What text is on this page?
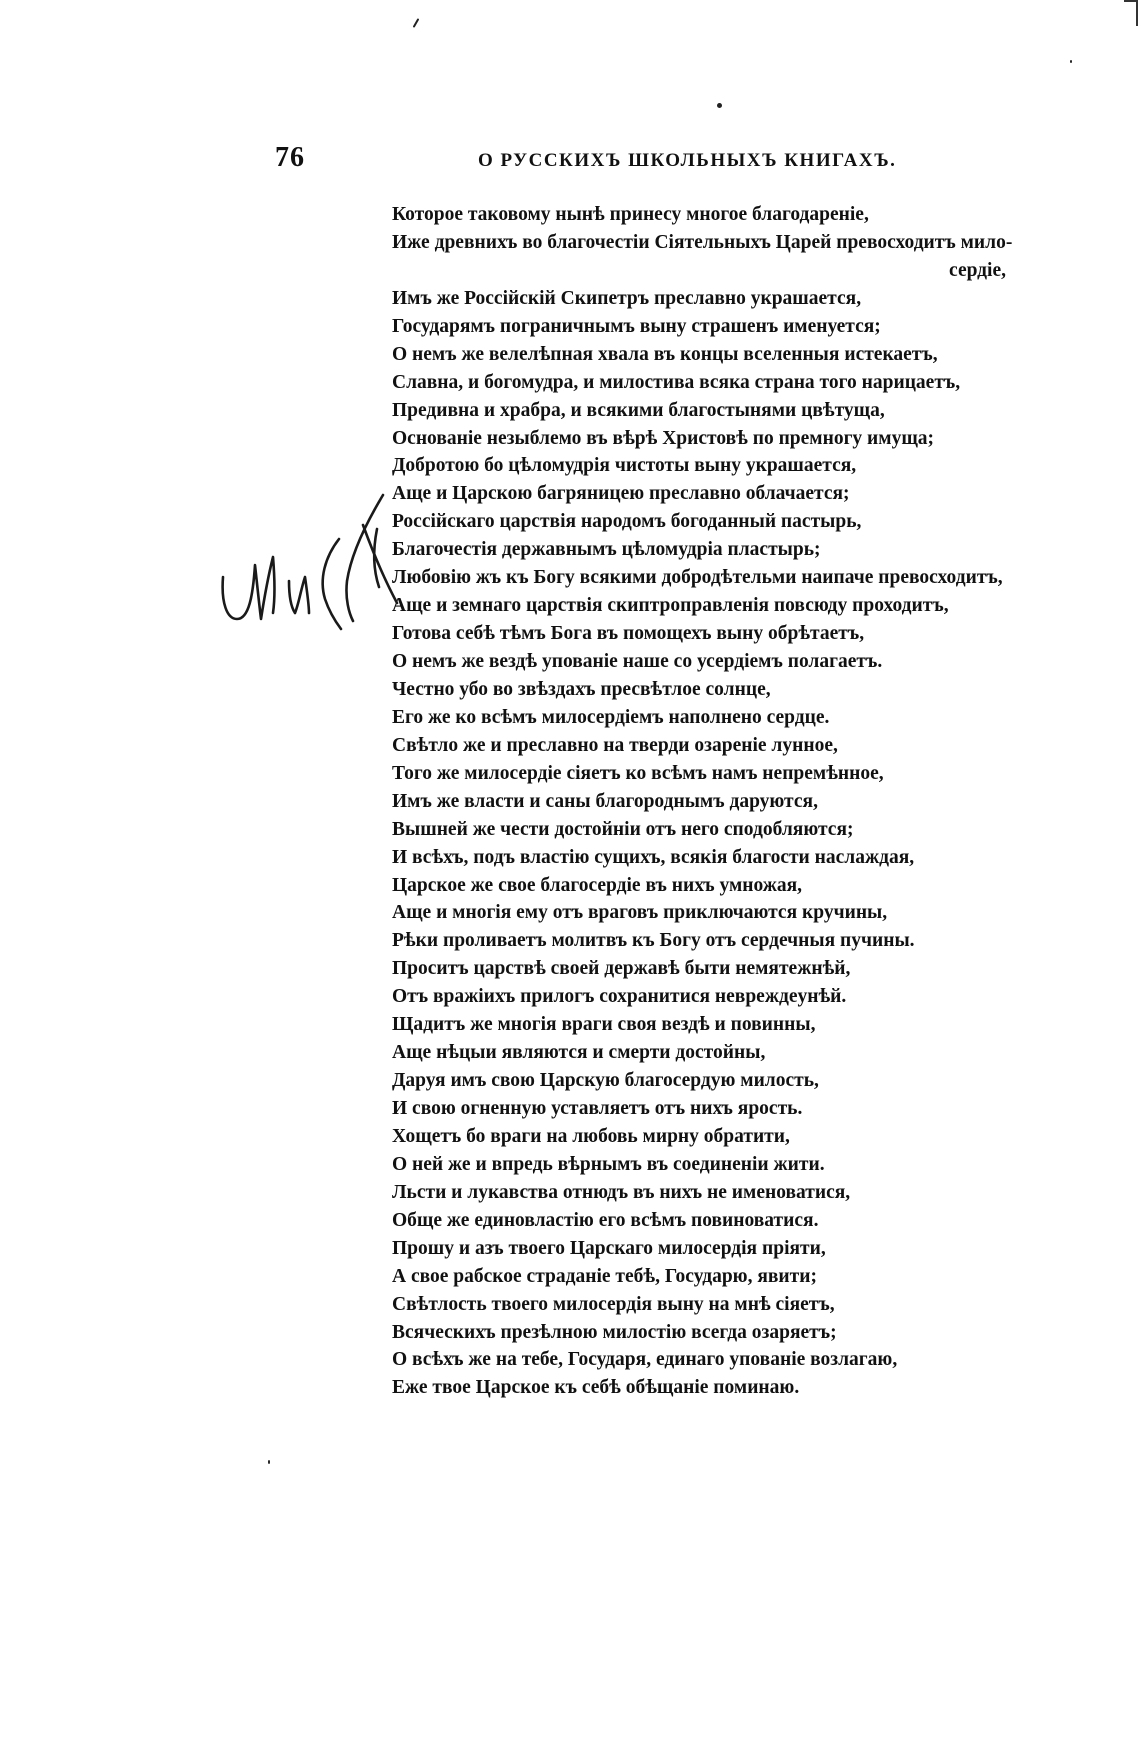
76	О РУССКИХЪ ШКОЛЬНЫХЪ КНИГАХЪ.
Которое таковому нынѣ принесу многое благодареніе,
Иже древнихъ во благочестіи Сіятельныхъ Царей превосходитъ мило-
сердіе,
Имъ же Россійскій Скипетръ преславно украшается,
Государямъ пограничнымъ выну страшенъ именуется;
О немъ же велелѣпная хвала въ концы вселенныя истекаетъ,
Славна, и богомудра, и милостива всяка страна того нарицаетъ,
Предивна и храбра, и всякими благостынями цвѣтуща,
Основаніе незыблемо въ вѣрѣ Христовѣ по премногу имуща;
Добротою бо цѣломудрія чистоты выну украшается,
Аще и Царскою багряницею преславно облачается;
Россійскаго царствія народомъ богоданный пастырь,
Благочестія державнымъ цѣломудріа пластырь;
Любовію жъ къ Богу всякими добродѣтельми наипаче превосходитъ,
Аще и земнаго царствія скиптроправленія повсюду проходитъ,
Готова себѣ тѣмъ Бога въ помощехъ выну обрѣтаетъ,
О немъ же вездѣ упованіе наше со усердіемъ полагаетъ.
Честно убо во звѣздахъ пресвѣтлое солнце,
Его же ко всѣмъ милосердіемъ наполнено сердце.
Свѣтло же и преславно на тверди озареніе лунное,
Того же милосердіе сіяетъ ко всѣмъ намъ непремѣнное,
Имъ же власти и саны благороднымъ даруются,
Вышней же чести достойніи отъ него сподобляются;
И всѣхъ, подъ властію сущихъ, всякія благости наслаждая,
Царское же свое благосердіе въ нихъ умножая,
Аще и многія ему отъ враговъ приключаются кручины,
Рѣки проливаетъ молитвъ къ Богу отъ сердечныя пучины.
Проситъ царствѣ своей державѣ быти немятежнѣй,
Отъ вражіихъ прилогъ сохранитися невреждеyнѣй.
Щадитъ же многія враги своя вездѣ и повинны,
Аще нѣцыи являются и смерти достойны,
Даруя имъ свою Царскую благосердую милость,
И свою огненную уставляетъ отъ нихъ ярость.
Хощетъ бо враги на любовь мирну обратити,
О ней же и впредь вѣрнымъ въ соединеніи жити.
Льсти и лукавства отнюдъ въ нихъ не именоватися,
Обще же единовластію его всѣмъ повиноватися.
Прошу и азъ твоего Царскаго милосердія пріяти,
А свое рабское страданіе тебѣ, Государю, явити;
Свѣтлость твоего милосердія выну на мнѣ сіяетъ,
Всяческихъ презѣлною милостію всегда озаряетъ;
О всѣхъ же на тебе, Государя, единаго упованіе возлагаю,
Еже твое Царское къ себѣ обѣщаніе поминаю.
